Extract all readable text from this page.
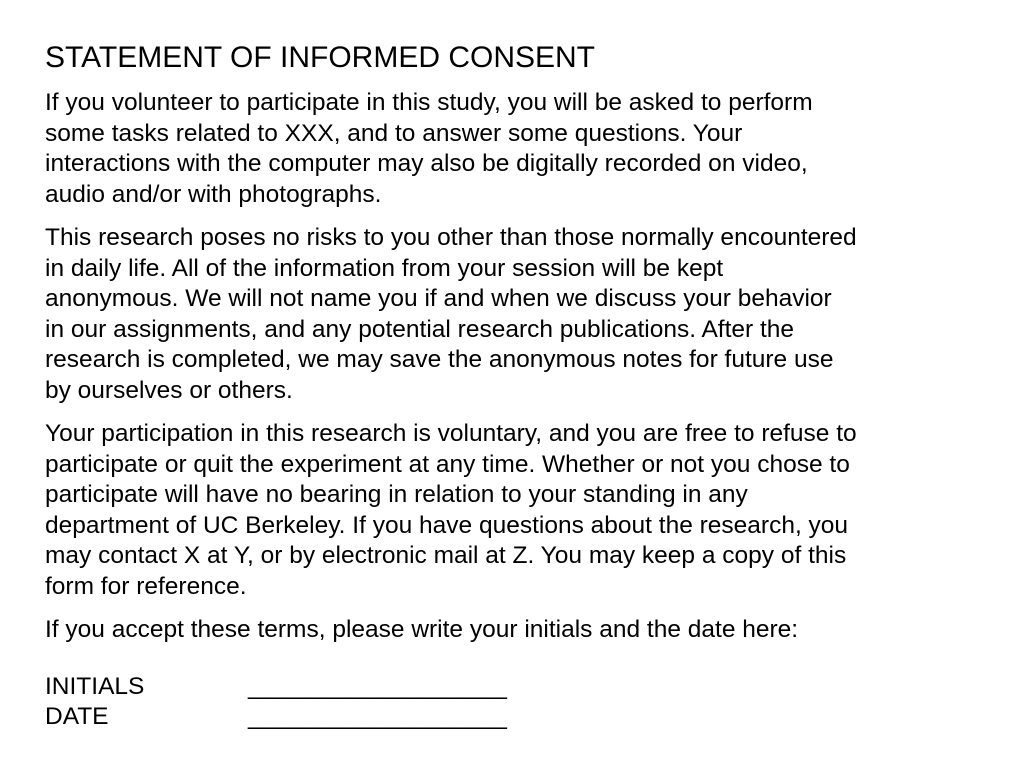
STATEMENT OF INFORMED CONSENT

If you volunteer to participate in this study, you will be asked to perform
some tasks related to XXX, and to answer some questions. Your
interactions with the computer may also be digitally recorded on video,
audio and/or with photographs.

This research poses no risks to you other than those normally encountered
in daily life. All of the information from your session will be kept
anonymous. We will not name you if and when we discuss your behavior
in our assignments, and any potential research publications. After the
research is completed, we may save the anonymous notes for future use
by ourselves or others.

Your participation in this research is voluntary, and you are free to refuse to
participate or quit the experiment at any time. Whether or not you chose to
participate will have no bearing in relation to your standing in any
department of UC Berkeley. If you have questions about the research, you
may contact X at Y, or by electronic mail at Z. You may keep a copy of this
form for reference.

If you accept these terms, please write your initials and the date here:

INITIALS	___________________
DATE	___________________
